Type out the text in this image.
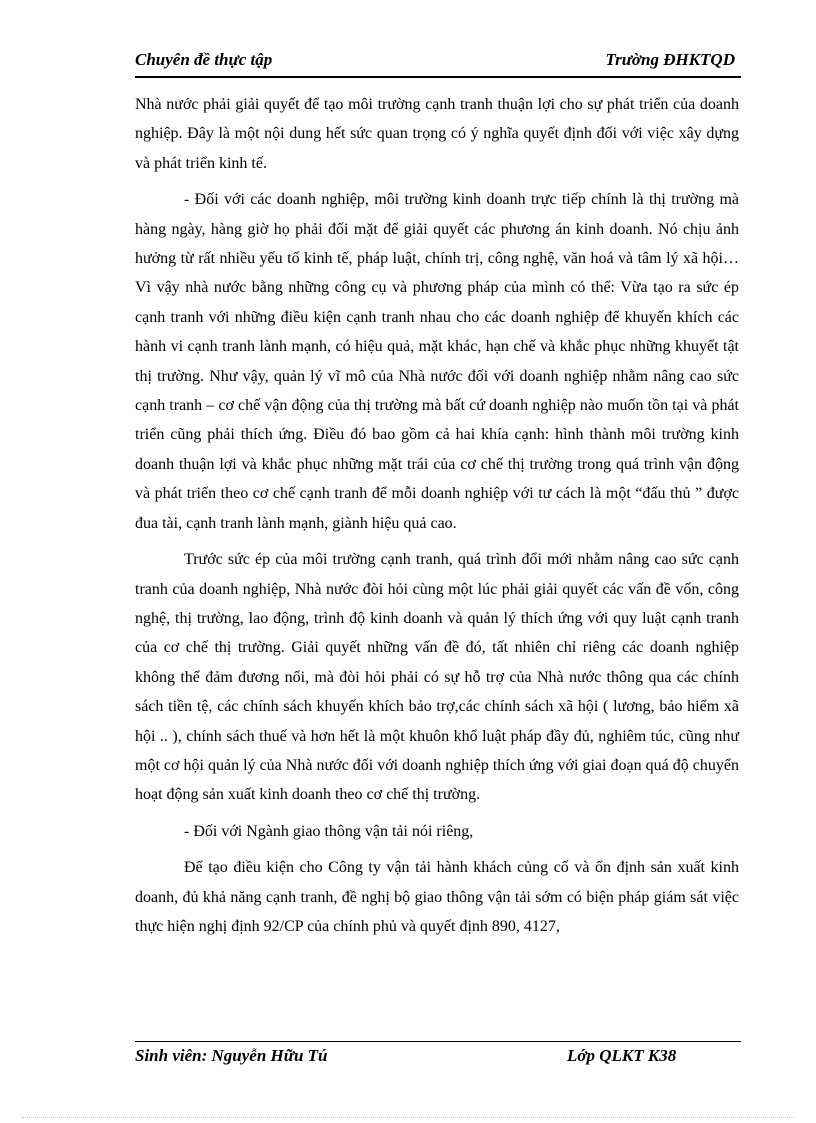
Chuyên đề thực tập	Trường ĐHKTQD

Nhà nước phải giải quyết để tạo môi trường cạnh tranh thuận lợi cho sự phát triển của doanh nghiệp. Đây là một nội dung hết sức quan trọng có ý nghĩa quyết định đối với việc xây dựng và phát triển kinh tế.

- Đối với các doanh nghiệp, môi trường kinh doanh trực tiếp chính là thị trường mà hàng ngày, hàng giờ họ phải đối mặt để giải quyết các phương án kinh doanh. Nó chịu ảnh hưởng từ rất nhiều yếu tố kinh tế, pháp luật, chính trị, công nghệ, văn hoá và tâm lý xã hội… Vì vậy nhà nước bằng những công cụ và phương pháp của mình có thể: Vừa tạo ra sức ép cạnh tranh với những điều kiện cạnh tranh nhau cho các doanh nghiệp để khuyến khích các hành vi cạnh tranh lành mạnh, có hiệu quả, mặt khác, hạn chế và khắc phục những khuyết tật thị trường. Như vậy, quản lý vĩ mô của Nhà nước đối với doanh nghiệp nhằm nâng cao sức cạnh tranh – cơ chế vận động của thị trường mà bất cứ doanh nghiệp nào muốn tồn tại và phát triển cũng phải thích ứng. Điều đó bao gồm cả hai khía cạnh: hình thành môi trường kinh doanh thuận lợi và khắc phục những mặt trái của cơ chế thị trường trong quá trình vận động và phát triển theo cơ chế cạnh tranh để mỗi doanh nghiệp với tư cách là một “đấu thủ ” được đua tài, cạnh tranh lành mạnh, giành hiệu quả cao.

Trước sức ép của môi trường cạnh tranh, quá trình đổi mới nhằm nâng cao sức cạnh tranh của doanh nghiệp, Nhà nước đòi hỏi cùng một lúc phải giải quyết các vấn đề vốn, công nghệ, thị trường, lao động, trình độ kinh doanh và quản lý thích ứng với quy luật cạnh tranh của cơ chế thị trường. Giải quyết những vấn đề đó, tất nhiên chỉ riêng các doanh nghiệp không thể đảm đương nổi, mà đòi hỏi phải có sự hỗ trợ của Nhà nước thông qua các chính sách tiền tệ, các chính sách khuyến khích bảo trợ,các chính sách xã hội ( lương, bảo hiểm xã hội .. ), chính sách thuế và hơn hết là một khuôn khổ luật pháp đầy đủ, nghiêm túc, cũng như một cơ hội quản lý của Nhà nước đối với doanh nghiệp thích ứng với giai đoạn quá độ chuyển hoạt động sản xuất kinh doanh theo cơ chế thị trường.

- Đối với Ngành giao thông vận tải nói riêng,

Để tạo điều kiện cho Công ty vận tải hành khách củng cố và ổn định sản xuất kinh doanh, đủ khả năng cạnh tranh, đề nghị bộ giao thông vận tải sớm có biện pháp giám sát việc thực hiện nghị định 92/CP của chính phủ và quyết định 890, 4127,

Sinh viên: Nguyễn Hữu Tú	Lớp QLKT K38
